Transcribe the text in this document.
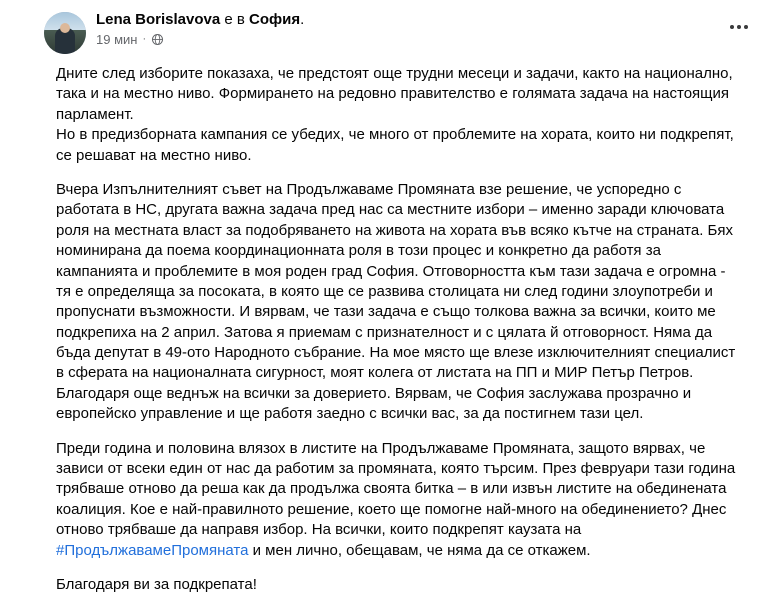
Lena Borislavova е в София.
19 мин ·

Дните след изборите показаха, че предстоят още трудни месеци и задачи, както на национално, така и на местно ниво. Формирането на редовно правителство е голямата задача на настоящия парламент.

Но в предизборната кампания се убедих, че много от проблемите на хората, които ни подкрепят, се решават на местно ниво.

Вчера Изпълнителният съвет на Продължаваме Промяната взе решение, че успоредно с работата в НС, другата важна задача пред нас са местните избори – именно заради ключовата роля на местната власт за подобряването на живота на хората във всяко кътче на страната. Бях номинирана да поема координационната роля в този процес и конкретно да работя за кампанията и проблемите в моя роден град София. Отговорността към тази задача е огромна - тя е определяща за посоката, в която ще се развива столицата ни след години злоупотреби и пропуснати възможности. И вярвам, че тази задача е също толкова важна за всички, които ме подкрепиха на 2 април. Затова я приемам с признателност и с цялата й отговорност. Няма да бъда депутат в 49-ото Народното събрание. На мое място ще влезе изключителният специалист в сферата на националната сигурност, моят колега от листата на ПП и МИР Петър Петров. Благодаря още веднъж на всички за доверието. Вярвам, че София заслужава прозрачно и европейско управление и ще работя заедно с всички вас, за да постигнем тази цел.

Преди година и половина влязох в листите на Продължаваме Промяната, защото вярвах, че зависи от всеки един от нас да работим за промяната, която търсим. През февруари тази година трябваше отново да реша как да продължа своята битка – в или извън листите на обединената коалиция. Кое е най-правилното решение, което ще помогне най-много на обединението? Днес отново трябваше да направя избор. На всички, които подкрепят каузата на #ПродължавамеПромяната и мен лично, обещавам, че няма да се откажем.

Благодаря ви за подкрепата!
